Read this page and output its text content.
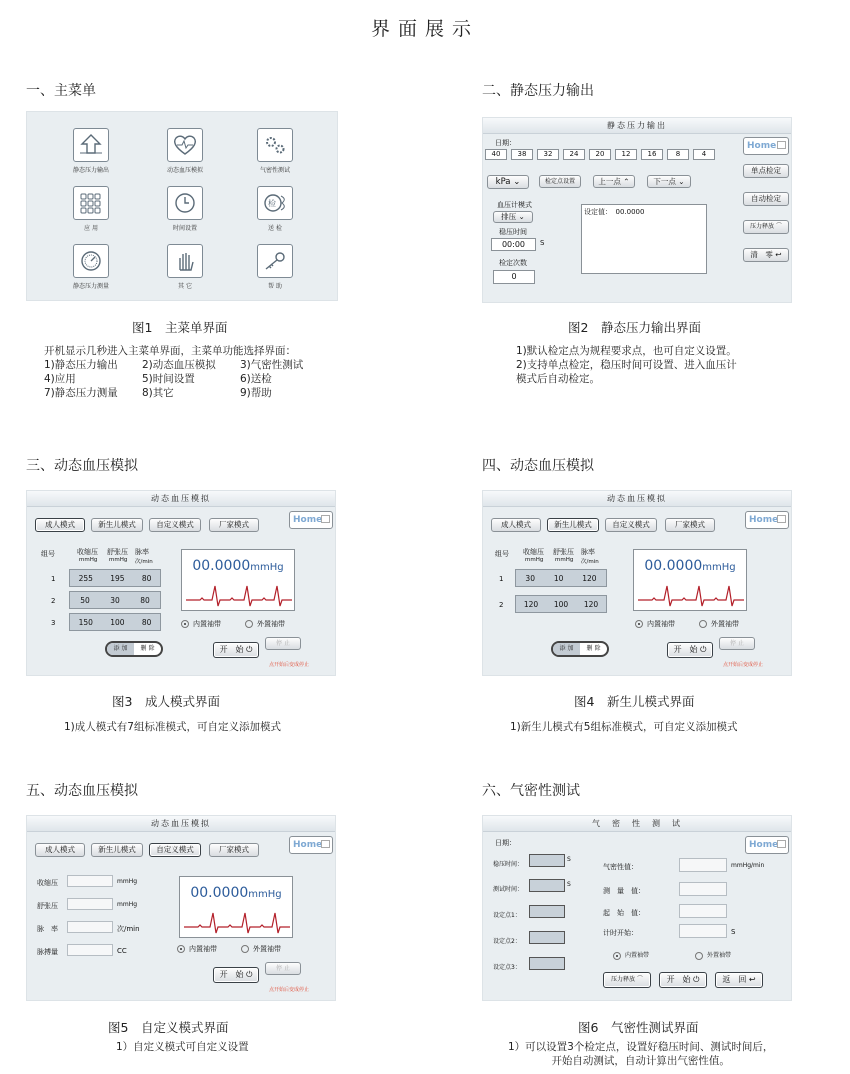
界面展示
一、主菜单
静态压力输出	动态血压模拟	气密性测试
应 用	时间设置
检
送 检
静态压力测量	其 它	帮 助
图1　主菜单界面
开机显示几秒进入主菜单界面，主菜单功能选择界面：
1)静态压力输出	2)动态血压模拟	3)气密性测试
4)应用	5)时间设置	6)送检
7)静态压力测量	8)其它	9)帮助
二、静态压力输出
静态压力输出
日期：
40	38	32	24	20	12	16	8	4
kPa ⌄	检定点设置	上一点 ⌃	下一点 ⌄
血压计模式
排压 ⌄
稳压时间
00:00	S
检定次数
0
设定值：　00.0000
Home
单点检定
自动检定
压力释放 ⌒
清　零 ↩
图2　静态压力输出界面
1)默认检定点为规程要求点，也可自定义设置。
2)支持单点检定，稳压时间可设置、进入血压计
模式后自动检定。
三、动态血压模拟
动态血压模拟
成人模式	新生儿模式	自定义模式	厂家模式	Home
组号	收缩压 舒张压 脉率
mmHg mmHg 次/min
1	255 195 80
2	50	30	80
3	150 100 80
00.0000mmHg
内置袖带	外置袖带
添 加	删 除	开　始 ⏻
停 止
点开始后变成停止
图3　成人模式界面
1)成人模式有7组标准模式，可自定义添加模式
四、动态血压模拟
动态血压模拟
成人模式	新生儿模式	自定义模式	厂家模式	Home
组号 收缩压 舒张压 脉率
mmHg mmHg 次/min
1	30	10	120
2	120 100 120
00.0000mmHg
内置袖带	外置袖带
添 加	删 除	开　始 ⏻
停 止
点开始后变成停止
图4　新生儿模式界面
1)新生儿模式有5组标准模式，可自定义添加模式
五、动态血压模拟
动态血压模拟
成人模式	新生儿模式	自定义模式	厂家模式	Home
收缩压	mmHg
舒张压	mmHg
脉　率	次/min
脉搏量	CC
00.0000mmHg
内置袖带	外置袖带
开　始 ⏻
停 止
点开始后变成停止
图5　自定义模式界面
1）自定义模式可自定义设置
六、气密性测试
气　密　性　测　试
Home
日期：
稳压时间：
S
测试时间：
S
设定点1：
设定点2：
设定点3：
气密性值：	mmHg/min
测　量　值：
起　始　值：
计时开始：	S
内置袖带	外置袖带
压力释放 ⌒	开　始 ⏻	返　回 ↩
图6　气密性测试界面
1）可以设置3个检定点，设置好稳压时间、测试时间后，
开始自动测试，自动计算出气密性值。
